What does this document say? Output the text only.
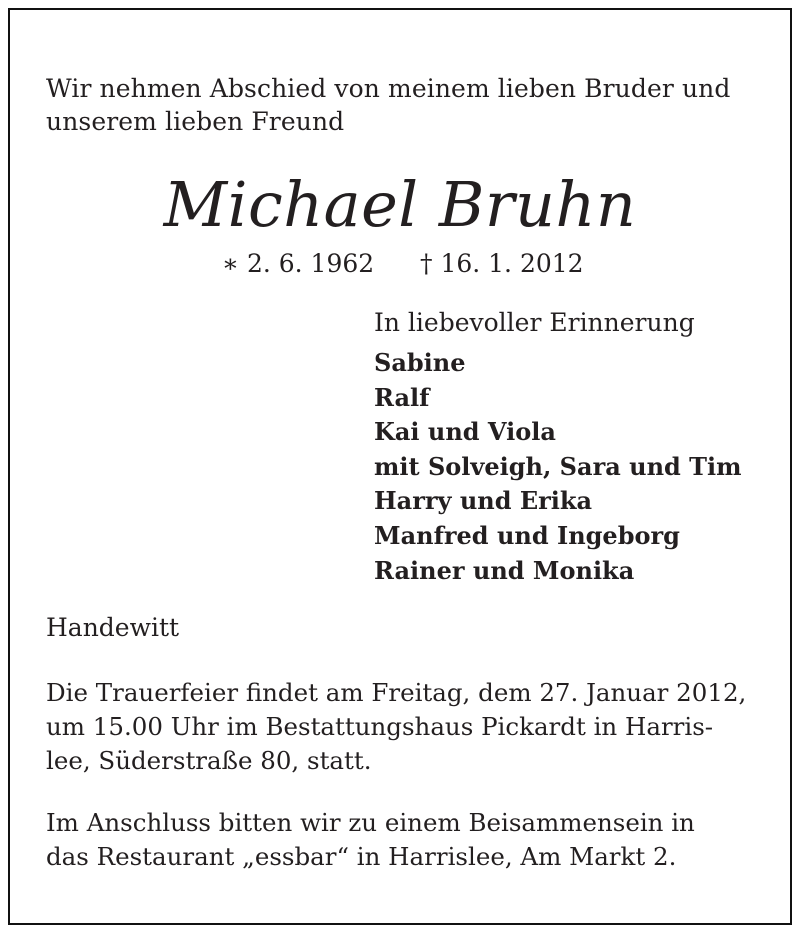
Wir nehmen Abschied von meinem lieben Bruder und
unserem lieben Freund
Michael Bruhn
∗ 2. 6. 1962 † 16. 1. 2012
In liebevoller Erinnerung
Sabine
Ralf
Kai und Viola
mit Solveigh, Sara und Tim
Harry und Erika
Manfred und Ingeborg
Rainer und Monika
Handewitt

Die Trauerfeier findet am Freitag, dem 27. Januar 2012,
um 15.00 Uhr im Bestattungshaus Pickardt in Harris-
lee, Süderstraße 80, statt.

Im Anschluss bitten wir zu einem Beisammensein in
das Restaurant „essbar“ in Harrislee, Am Markt 2.
